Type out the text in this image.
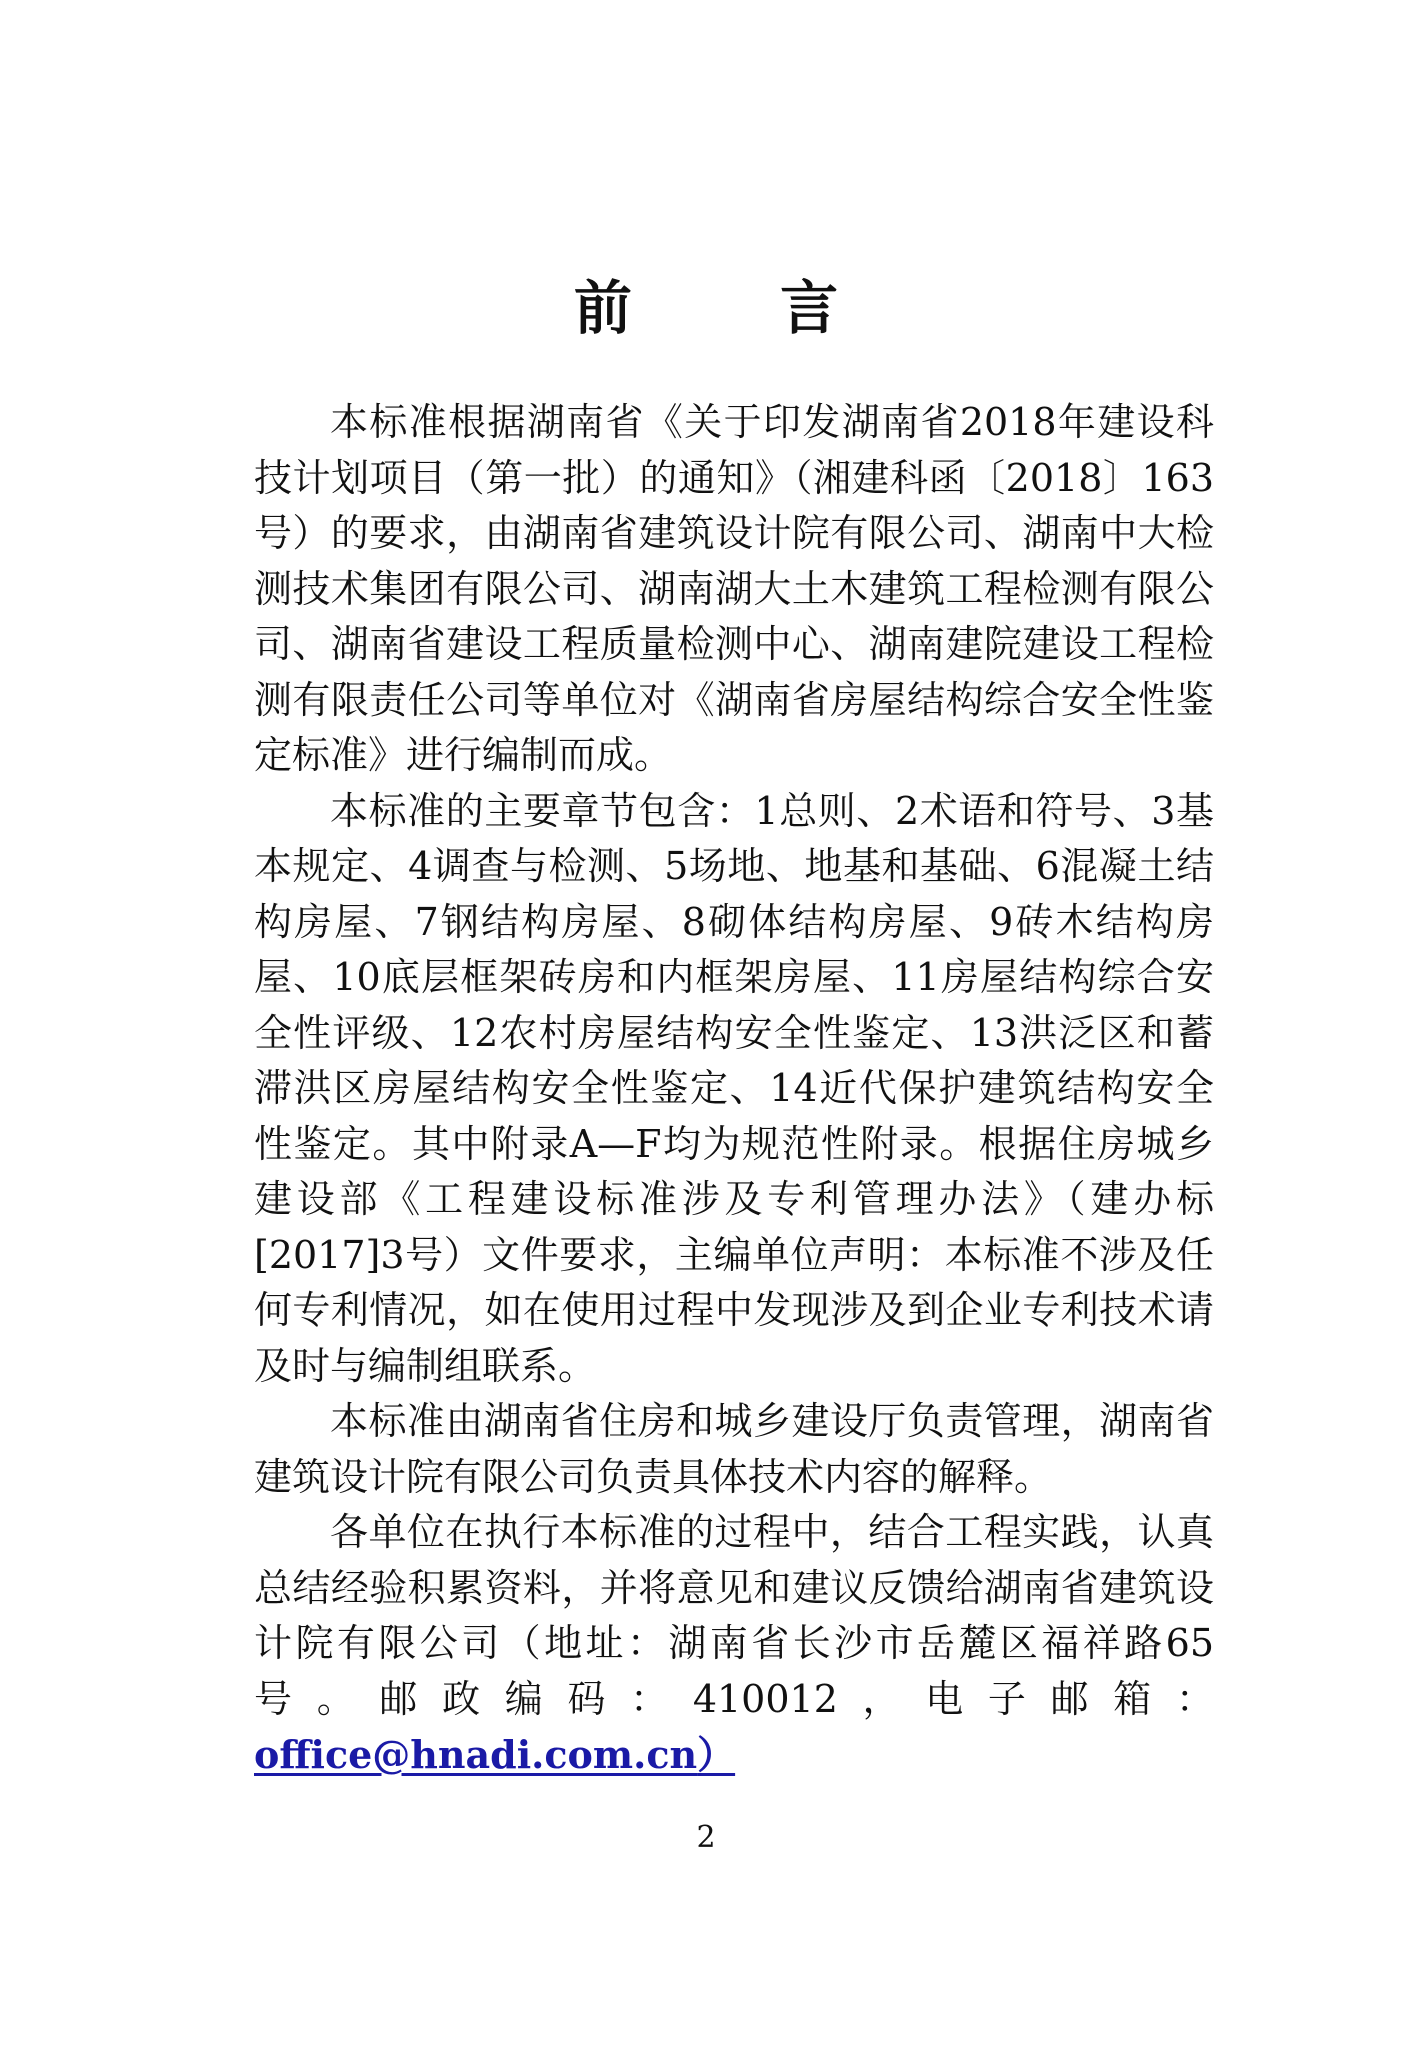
前 言

本标准根据湖南省《关于印发湖南省2018年建设科技计划项目（第一批）的通知》（湘建科函〔2018〕163号）的要求，由湖南省建筑设计院有限公司、湖南中大检测技术集团有限公司、湖南湖大土木建筑工程检测有限公司、湖南省建设工程质量检测中心、湖南建院建设工程检测有限责任公司等单位对《湖南省房屋结构综合安全性鉴定标准》进行编制而成。

本标准的主要章节包含：1总则、2术语和符号、3基本规定、4调查与检测、5场地、地基和基础、6混凝土结构房屋、7钢结构房屋、8砌体结构房屋、9砖木结构房屋、10底层框架砖房和内框架房屋、11房屋结构综合安全性评级、12农村房屋结构安全性鉴定、13洪泛区和蓄滞洪区房屋结构安全性鉴定、14近代保护建筑结构安全性鉴定。其中附录A—F均为规范性附录。根据住房城乡建设部《工程建设标准涉及专利管理办法》（建办标[2017]3号）文件要求，主编单位声明：本标准不涉及任何专利情况，如在使用过程中发现涉及到企业专利技术请及时与编制组联系。

本标准由湖南省住房和城乡建设厅负责管理，湖南省建筑设计院有限公司负责具体技术内容的解释。

各单位在执行本标准的过程中，结合工程实践，认真总结经验积累资料，并将意见和建议反馈给湖南省建筑设计院有限公司（地址：湖南省长沙市岳麓区福祥路65号。邮政编码：410012，电子邮箱：office@hnadi.com.cn）

2
